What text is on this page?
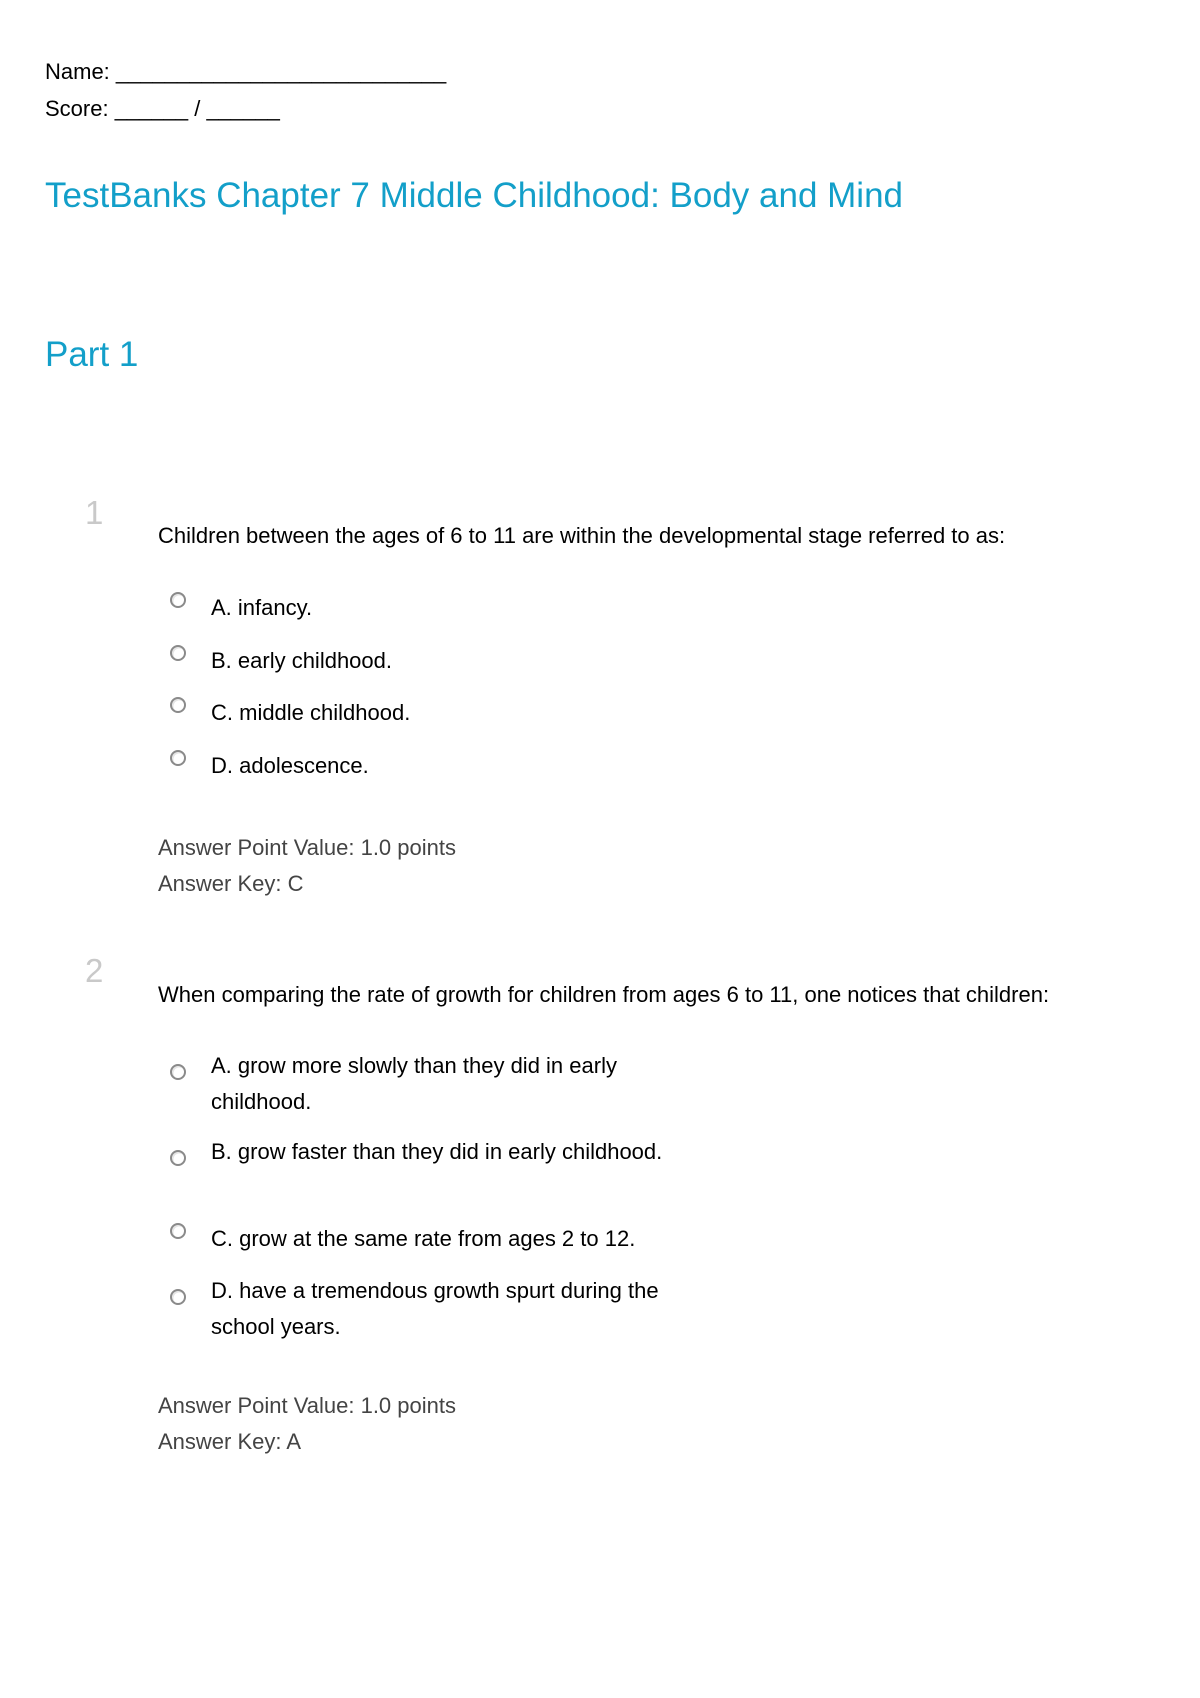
Name: ___________________________
Score: ______ / ______
TestBanks Chapter 7 Middle Childhood: Body and Mind
Part 1
1
Children between the ages of 6 to 11 are within the developmental stage referred to as:
A. infancy.
B. early childhood.
C. middle childhood.
D. adolescence.
Answer Point Value: 1.0 points
Answer Key: C
2
When comparing the rate of growth for children from ages 6 to 11, one notices that children:
A. grow more slowly than they did in early childhood.
B. grow faster than they did in early childhood.
C. grow at the same rate from ages 2 to 12.
D. have a tremendous growth spurt during the school years.
Answer Point Value: 1.0 points
Answer Key: A
